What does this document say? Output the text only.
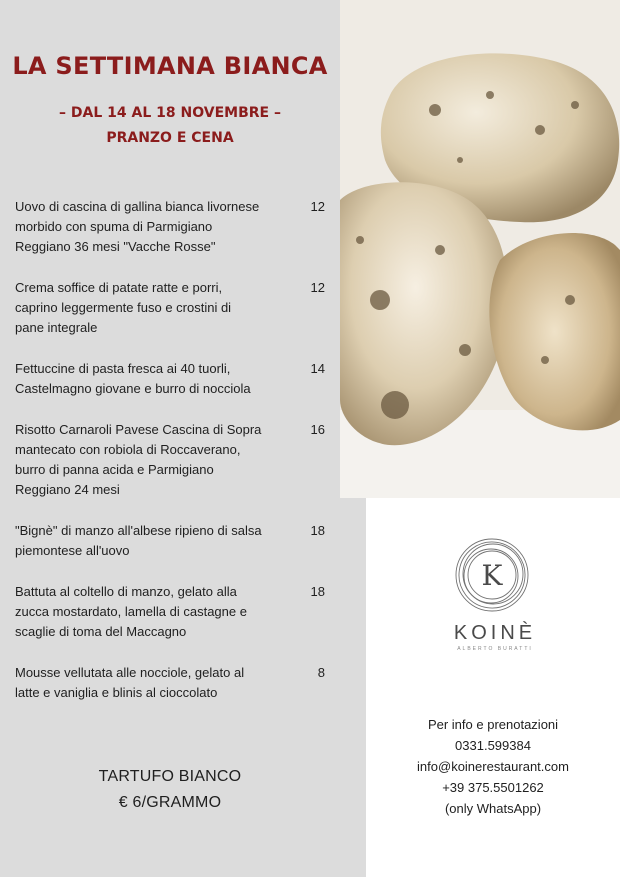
LA SETTIMANA BIANCA

– DAL 14 AL 18 NOVEMBRE –

PRANZO E CENA

Uovo di cascina di gallina bianca livornese
morbido con spuma di Parmigiano
Reggiano 36 mesi "Vacche Rosse"
12
Crema soffice di patate ratte e porri,
caprino leggermente fuso e crostini di
pane integrale
12
Fettuccine di pasta fresca ai 40 tuorli,
Castelmagno giovane e burro di nocciola
14
Risotto Carnaroli Pavese Cascina di Sopra
mantecato con robiola di Roccaverano,
burro di panna acida e Parmigiano
Reggiano 24 mesi
16
"Bignè" di manzo all'albese ripieno di salsa
piemontese all'uovo
18
Battuta al coltello di manzo, gelato alla
zucca mostardato, lamella di castagne e
scaglie di toma del Maccagno
18
Mousse vellutata alle nocciole, gelato al
latte e vaniglia e blinis al cioccolato
8
TARTUFO BIANCO
€ 6/GRAMMO
K
KOINÈ
ALBERTO BURATTI
Per info e prenotazioni
0331.599384
info@koinerestaurant.com
+39 375.5501262
(only WhatsApp)
